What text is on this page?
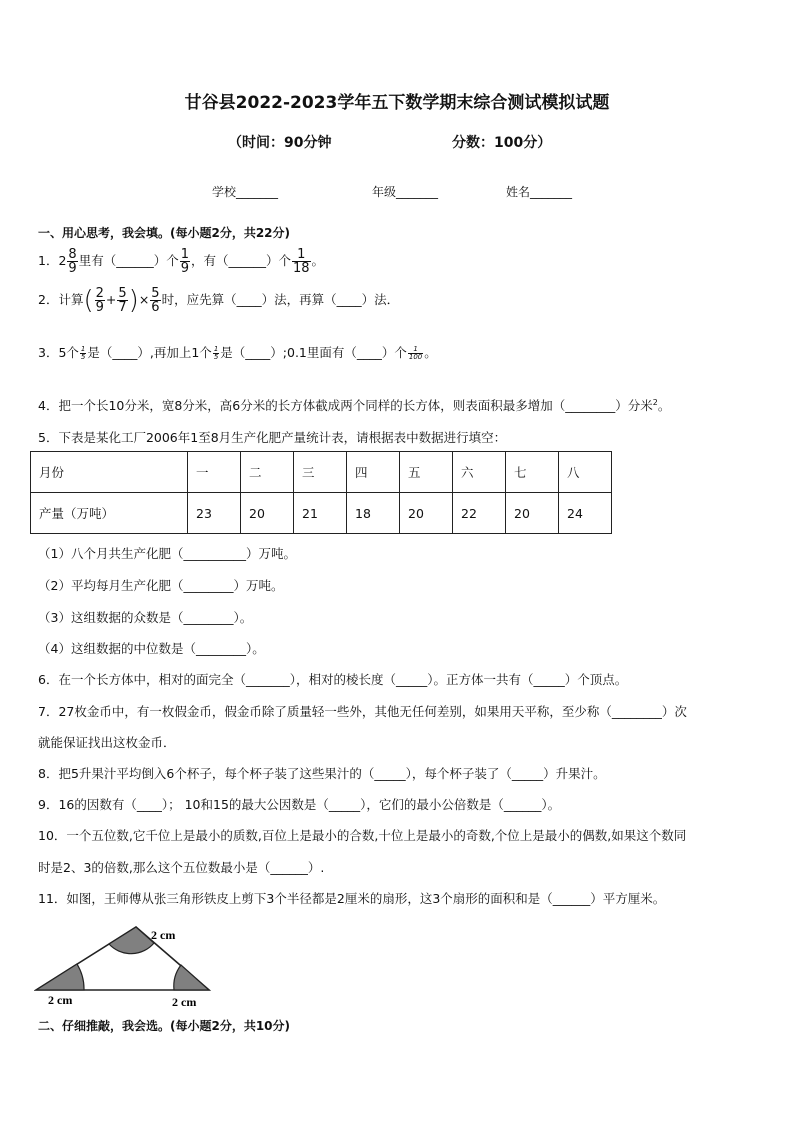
甘谷县2022-2023学年五下数学期末综合测试模拟试题
（时间：90分钟	分数：100分）
学校_______	年级_______	姓名_______
一、用心思考，我会填。(每小题2分，共22分)
1．$2 \frac{8}{9}$ 里有（______）个 $\frac{1}{9}$ ，有（______）个 $\frac{1}{18}$ 。
2．计算( $\frac{2}{9} + \frac{5}{7}$ )× $\frac{5}{6}$ 时，应先算（____）法，再算（____）法．
3．5个 $\frac{1}{5}$ 是（____）,再加上1个 $\frac{1}{5}$ 是（____）;0.1里面有（____）个 $\frac{1}{100}$ 。
4．把一个长10分米，宽8分米，高6分米的长方体截成两个同样的长方体，则表面积最多增加（________）分米$^2$。
5．下表是某化工厂2006年1至8月生产化肥产量统计表，请根据表中数据进行填空：
月份	一	二	三	四	五	六	七	八
产量（万吨）	23	20	21	18	20	22	20	24
（1）八个月共生产化肥（__________）万吨。
（2）平均每月生产化肥（________）万吨。
（3）这组数据的众数是（________）。
（4）这组数据的中位数是（________）。
6．在一个长方体中，相对的面完全（_______），相对的棱长度（_____）。正方体一共有（_____）个顶点。
7．27枚金币中，有一枚假金币，假金币除了质量轻一些外，其他无任何差别，如果用天平称，至少称（________）次
就能保证找出这枚金币．
8．把5升果汁平均倒入6个杯子，每个杯子装了这些果汁的（_____），每个杯子装了（_____）升果汁。
9．16的因数有（____）； 10和15的最大公因数是（_____），它们的最小公倍数是（______）。
10．一个五位数,它千位上是最小的质数,百位上是最小的合数,十位上是最小的奇数,个位上是最小的偶数,如果这个数同
时是2、3的倍数,那么这个五位数最小是（______）.
11．如图，王师傅从张三角形铁皮上剪下3个半径都是2厘米的扇形，这3个扇形的面积和是（______）平方厘米。
2 cm
2 cm	2 cm
二、仔细推敲，我会选。(每小题2分，共10分)
